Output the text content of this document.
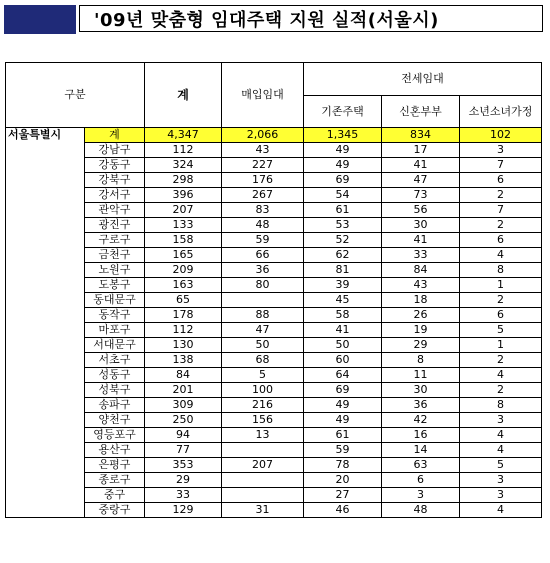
'09년 맞춤형 임대주택 지원 실적(서울시)
구분		계	매입임대	전세임대		
				기존주택	신혼부부	소년소녀가정
서울특별시	계	4,347	2,066	1,345	834	102
	강남구	112	43	49	17	3
	강동구	324	227	49	41	7
	강북구	298	176	69	47	6
	강서구	396	267	54	73	2
	관악구	207	83	61	56	7
	광진구	133	48	53	30	2
	구로구	158	59	52	41	6
	금천구	165	66	62	33	4
	노원구	209	36	81	84	8
	도봉구	163	80	39	43	1
	동대문구	65		45	18	2
	동작구	178	88	58	26	6
	마포구	112	47	41	19	5
	서대문구	130	50	50	29	1
	서초구	138	68	60	8	2
	성동구	84	5	64	11	4
	성북구	201	100	69	30	2
	송파구	309	216	49	36	8
	양천구	250	156	49	42	3
	영등포구	94	13	61	16	4
	용산구	77		59	14	4
	은평구	353	207	78	63	5
	종로구	29		20	6	3
	중구	33		27	3	3
	중랑구	129	31	46	48	4
